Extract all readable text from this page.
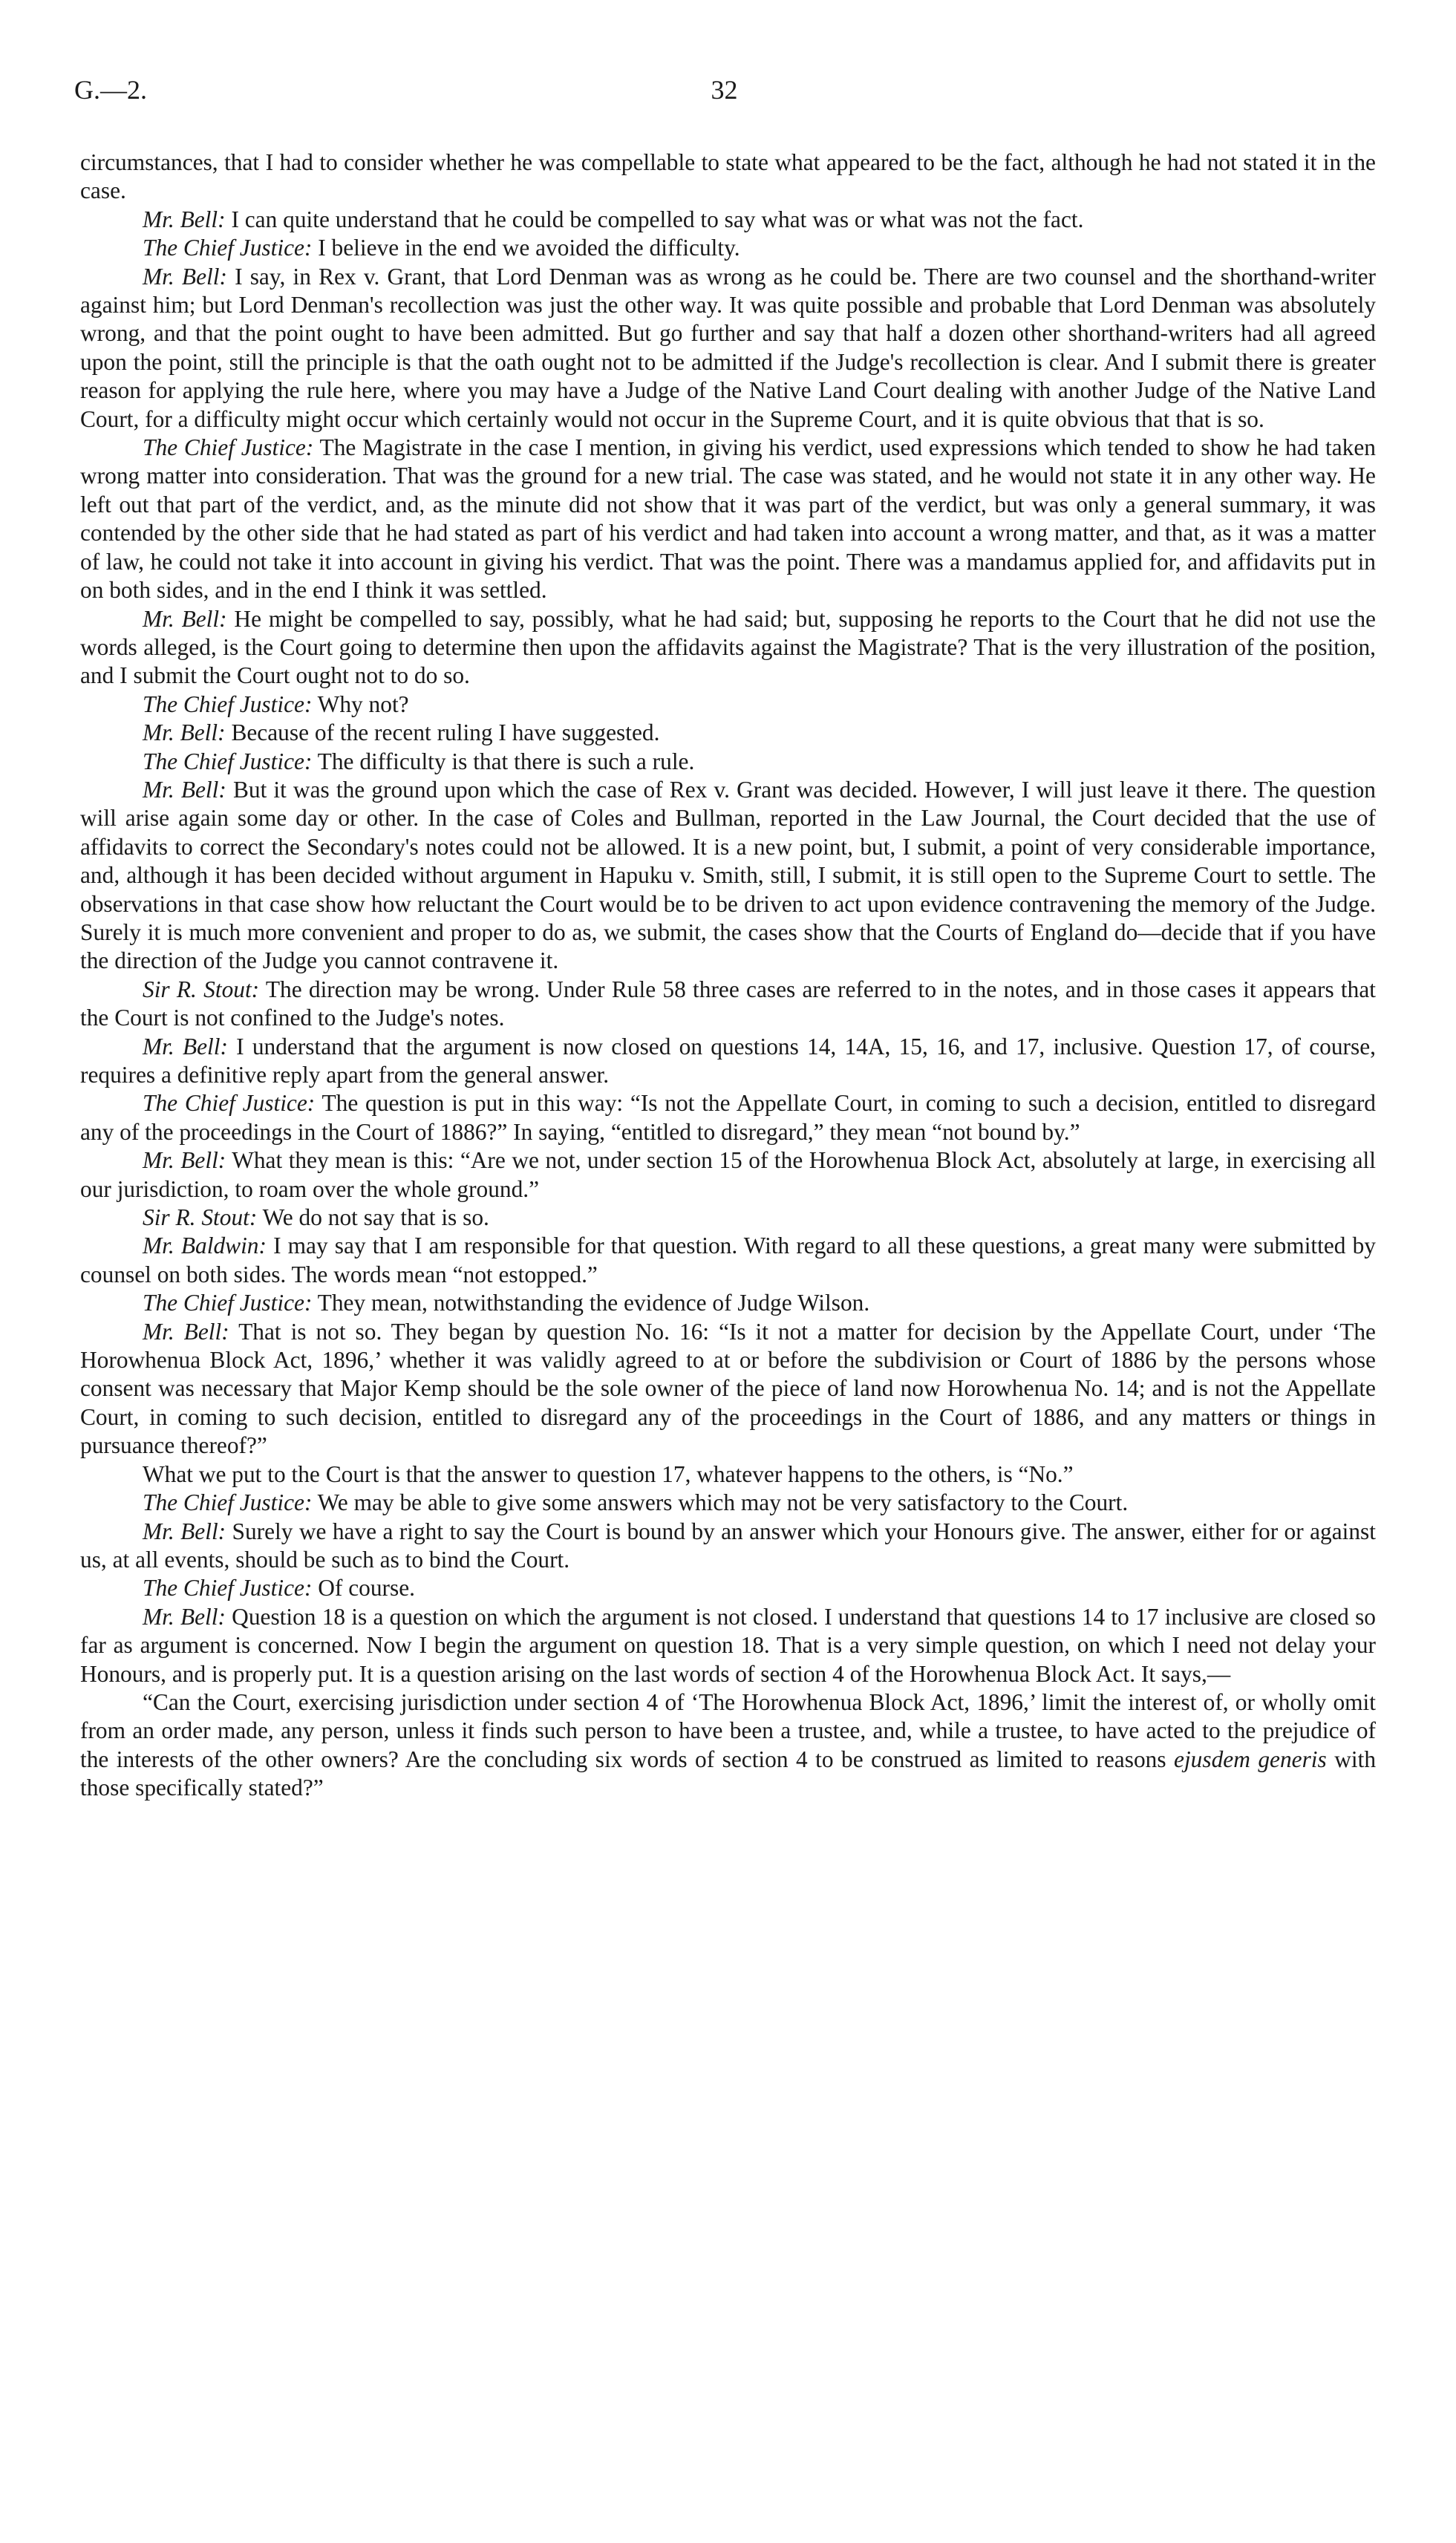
G.—2.	32

circumstances, that I had to consider whether he was compellable to state what appeared to be the fact, although he had not stated it in the case.

Mr. Bell: I can quite understand that he could be compelled to say what was or what was not the fact.

The Chief Justice: I believe in the end we avoided the difficulty.

Mr. Bell: I say, in Rex v. Grant, that Lord Denman was as wrong as he could be. There are two counsel and the shorthand-writer against him; but Lord Denman's recollection was just the other way. It was quite possible and probable that Lord Denman was absolutely wrong, and that the point ought to have been admitted. But go further and say that half a dozen other shorthand-writers had all agreed upon the point, still the principle is that the oath ought not to be admitted if the Judge's recollection is clear. And I submit there is greater reason for applying the rule here, where you may have a Judge of the Native Land Court dealing with another Judge of the Native Land Court, for a difficulty might occur which certainly would not occur in the Supreme Court, and it is quite obvious that that is so.

The Chief Justice: The Magistrate in the case I mention, in giving his verdict, used expressions which tended to show he had taken wrong matter into consideration. That was the ground for a new trial. The case was stated, and he would not state it in any other way. He left out that part of the verdict, and, as the minute did not show that it was part of the verdict, but was only a general summary, it was contended by the other side that he had stated as part of his verdict and had taken into account a wrong matter, and that, as it was a matter of law, he could not take it into account in giving his verdict. That was the point. There was a mandamus applied for, and affidavits put in on both sides, and in the end I think it was settled.

Mr. Bell: He might be compelled to say, possibly, what he had said; but, supposing he reports to the Court that he did not use the words alleged, is the Court going to determine then upon the affidavits against the Magistrate? That is the very illustration of the position, and I submit the Court ought not to do so.

The Chief Justice: Why not?

Mr. Bell: Because of the recent ruling I have suggested.

The Chief Justice: The difficulty is that there is such a rule.

Mr. Bell: But it was the ground upon which the case of Rex v. Grant was decided. However, I will just leave it there. The question will arise again some day or other. In the case of Coles and Bullman, reported in the Law Journal, the Court decided that the use of affidavits to correct the Secondary's notes could not be allowed. It is a new point, but, I submit, a point of very considerable importance, and, although it has been decided without argument in Hapuku v. Smith, still, I submit, it is still open to the Supreme Court to settle. The observations in that case show how reluctant the Court would be to be driven to act upon evidence contravening the memory of the Judge. Surely it is much more convenient and proper to do as, we submit, the cases show that the Courts of England do—decide that if you have the direction of the Judge you cannot contravene it.

Sir R. Stout: The direction may be wrong. Under Rule 58 three cases are referred to in the notes, and in those cases it appears that the Court is not confined to the Judge's notes.

Mr. Bell: I understand that the argument is now closed on questions 14, 14A, 15, 16, and 17, inclusive. Question 17, of course, requires a definitive reply apart from the general answer.

The Chief Justice: The question is put in this way: “Is not the Appellate Court, in coming to such a decision, entitled to disregard any of the proceedings in the Court of 1886?” In saying, “entitled to disregard,” they mean “not bound by.”

Mr. Bell: What they mean is this: “Are we not, under section 15 of the Horowhenua Block Act, absolutely at large, in exercising all our jurisdiction, to roam over the whole ground.”

Sir R. Stout: We do not say that is so.

Mr. Baldwin: I may say that I am responsible for that question. With regard to all these questions, a great many were submitted by counsel on both sides. The words mean “not estopped.”

The Chief Justice: They mean, notwithstanding the evidence of Judge Wilson.

Mr. Bell: That is not so. They began by question No. 16: “Is it not a matter for decision by the Appellate Court, under ‘The Horowhenua Block Act, 1896,’ whether it was validly agreed to at or before the subdivision or Court of 1886 by the persons whose consent was necessary that Major Kemp should be the sole owner of the piece of land now Horowhenua No. 14; and is not the Appellate Court, in coming to such decision, entitled to disregard any of the proceedings in the Court of 1886, and any matters or things in pursuance thereof?”

What we put to the Court is that the answer to question 17, whatever happens to the others, is “No.”

The Chief Justice: We may be able to give some answers which may not be very satisfactory to the Court.

Mr. Bell: Surely we have a right to say the Court is bound by an answer which your Honours give. The answer, either for or against us, at all events, should be such as to bind the Court.

The Chief Justice: Of course.

Mr. Bell: Question 18 is a question on which the argument is not closed. I understand that questions 14 to 17 inclusive are closed so far as argument is concerned. Now I begin the argument on question 18. That is a very simple question, on which I need not delay your Honours, and is properly put. It is a question arising on the last words of section 4 of the Horowhenua Block Act. It says,—

“Can the Court, exercising jurisdiction under section 4 of ‘The Horowhenua Block Act, 1896,’ limit the interest of, or wholly omit from an order made, any person, unless it finds such person to have been a trustee, and, while a trustee, to have acted to the prejudice of the interests of the other owners? Are the concluding six words of section 4 to be construed as limited to reasons ejusdem generis with those specifically stated?”
